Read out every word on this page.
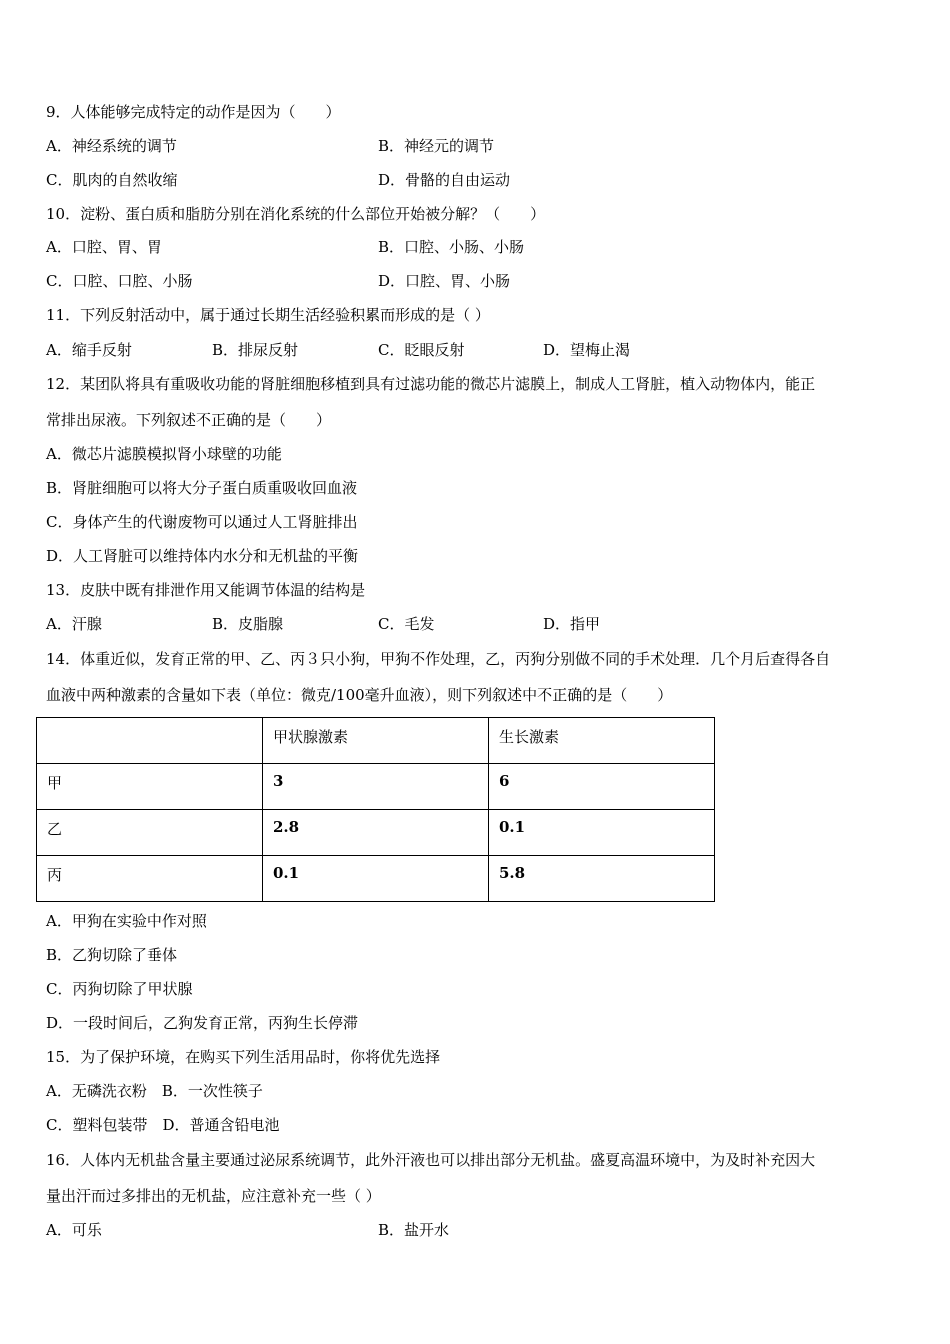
9．人体能够完成特定的动作是因为（　　）
A．神经系统的调节	B．神经元的调节
C．肌肉的自然收缩	D．骨骼的自由运动
10．淀粉、蛋白质和脂肪分别在消化系统的什么部位开始被分解？（　　）
A．口腔、胃、胃	B．口腔、小肠、小肠
C．口腔、口腔、小肠	D．口腔、胃、小肠
11．下列反射活动中，属于通过长期生活经验积累而形成的是（ ）
A．缩手反射	B．排尿反射	C．眨眼反射	D．望梅止渴
12．某团队将具有重吸收功能的肾脏细胞移植到具有过滤功能的微芯片滤膜上，制成人工肾脏，植入动物体内，能正
常排出尿液。下列叙述不正确的是（　　）
A．微芯片滤膜模拟肾小球壁的功能
B．肾脏细胞可以将大分子蛋白质重吸收回血液
C．身体产生的代谢废物可以通过人工肾脏排出
D．人工肾脏可以维持体内水分和无机盐的平衡
13．皮肤中既有排泄作用又能调节体温的结构是
A．汗腺	B．皮脂腺	C．毛发	D．指甲
14．体重近似，发育正常的甲、乙、丙３只小狗，甲狗不作处理，乙，丙狗分别做不同的手术处理．几个月后查得各自
血液中两种激素的含量如下表（单位：微克/100毫升血液），则下列叙述中不正确的是（　　）
	甲状腺激素	生长激素
甲	3	6
乙	2.8	0.1
丙	0.1	5.8
A．甲狗在实验中作对照
B．乙狗切除了垂体
C．丙狗切除了甲状腺
D．一段时间后，乙狗发育正常，丙狗生长停滞
15．为了保护环境，在购买下列生活用品时，你将优先选择
A．无磷洗衣粉　B．一次性筷子
C．塑料包装带　D．普通含铅电池
16．人体内无机盐含量主要通过泌尿系统调节，此外汗液也可以排出部分无机盐。盛夏高温环境中，为及时补充因大
量出汗而过多排出的无机盐，应注意补充一些（ ）
A．可乐	B．盐开水
